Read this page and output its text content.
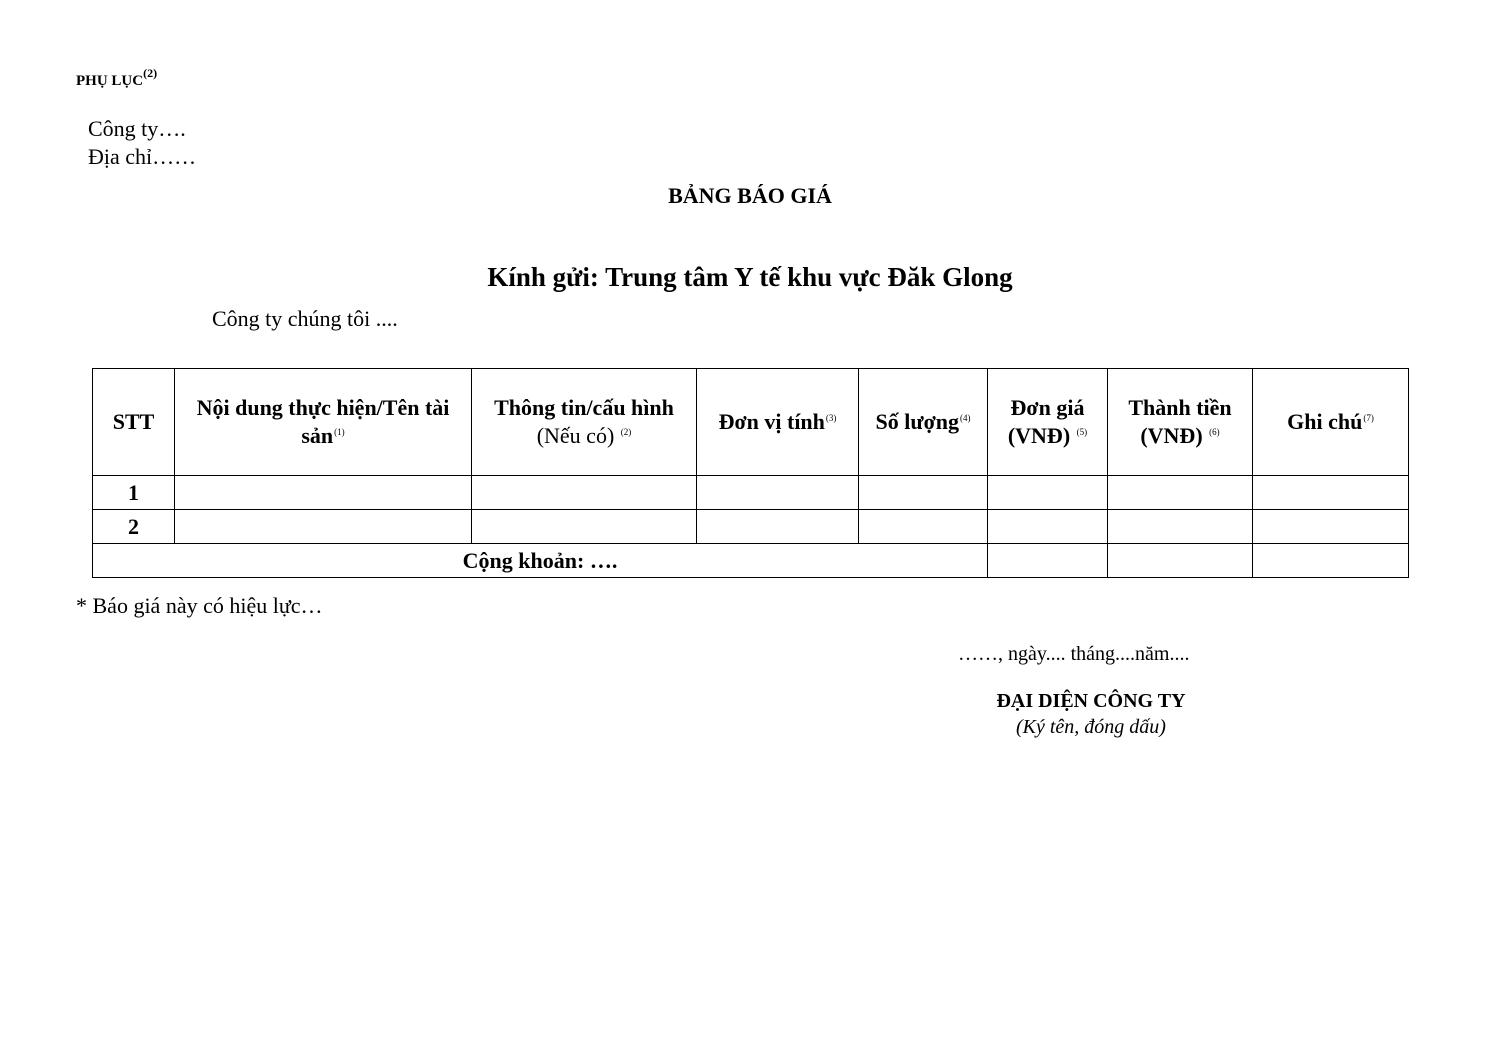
PHỤ LỤC$^{(2)}$
Công ty….
Địa chỉ……
BẢNG BÁO GIÁ
Kính gửi: Trung tâm Y tế khu vực Đăk Glong
Công ty chúng tôi ....
STT	Nội dung thực hiện/Tên tài sản$^{(1)}$	Thông tin/cấu hình
(Nếu có) $^{(2)}$	Đơn vị tính$^{(3)}$	Số lượng$^{(4)}$	Đơn giá (VNĐ) $^{(5)}$	Thành tiền (VNĐ) $^{(6)}$	Ghi chú$^{(7)}$
1							
2							
Cộng khoản: ….							
* Báo giá này có hiệu lực…
……, ngày.... tháng....năm....
ĐẠI DIỆN CÔNG TY
(Ký tên, đóng dấu)
